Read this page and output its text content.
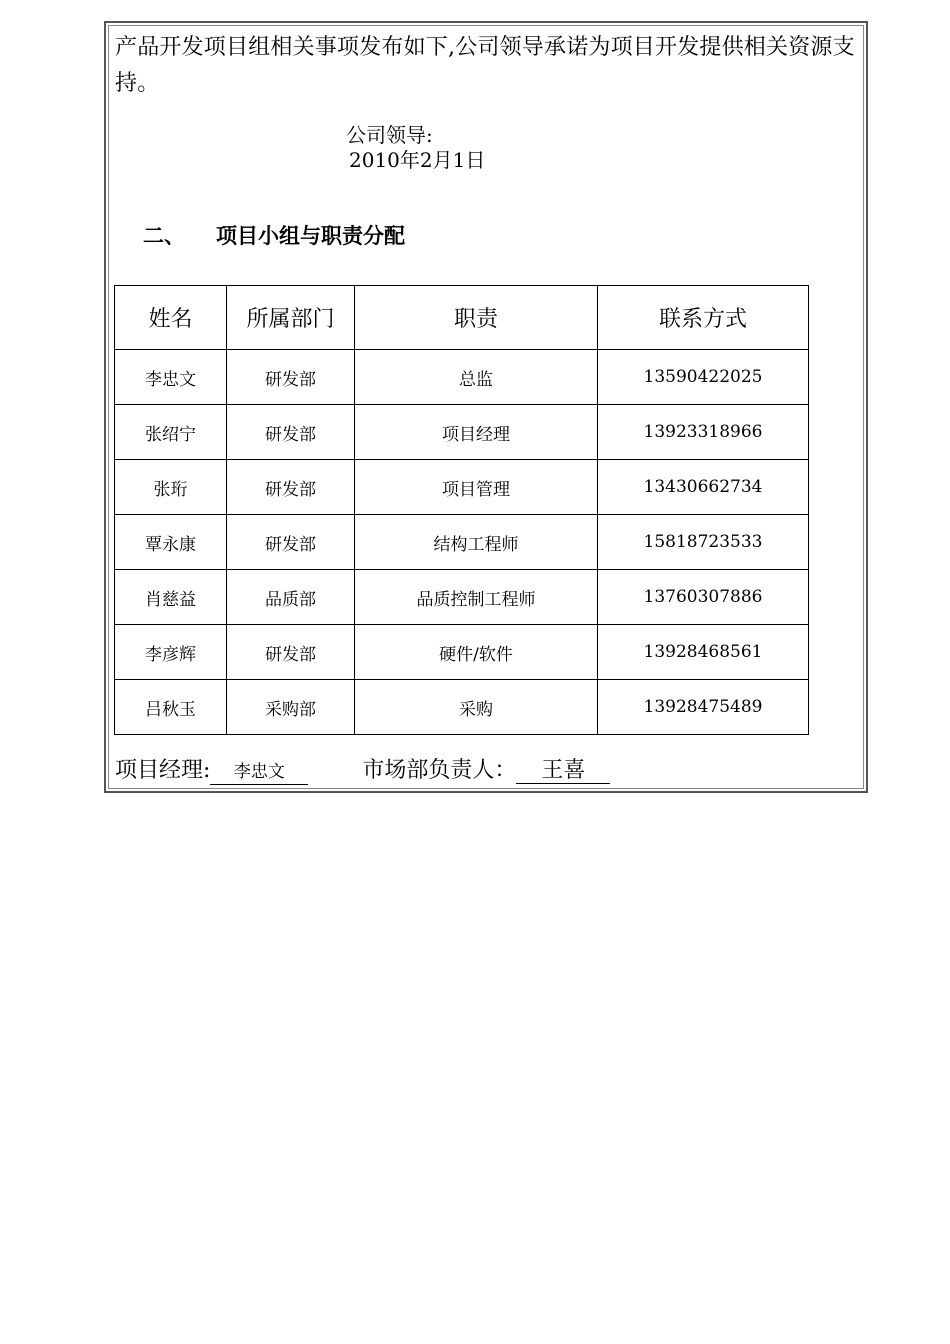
产品开发项目组相关事项发布如下,公司领导承诺为项目开发提供相关资源支持。
公司领导:
2010年2月1日
二、 项目小组与职责分配
姓名	所属部门	职责	联系方式
李忠文	研发部	总监	13590422025
张绍宁	研发部	项目经理	13923318966
张珩	研发部	项目管理	13430662734
覃永康	研发部	结构工程师	15818723533
肖慈益	品质部	品质控制工程师	13760307886
李彦辉	研发部	硬件/软件	13928468561
吕秋玉	采购部	采购	13928475489
项目经理: 李忠文	市场部负责人： 王喜
